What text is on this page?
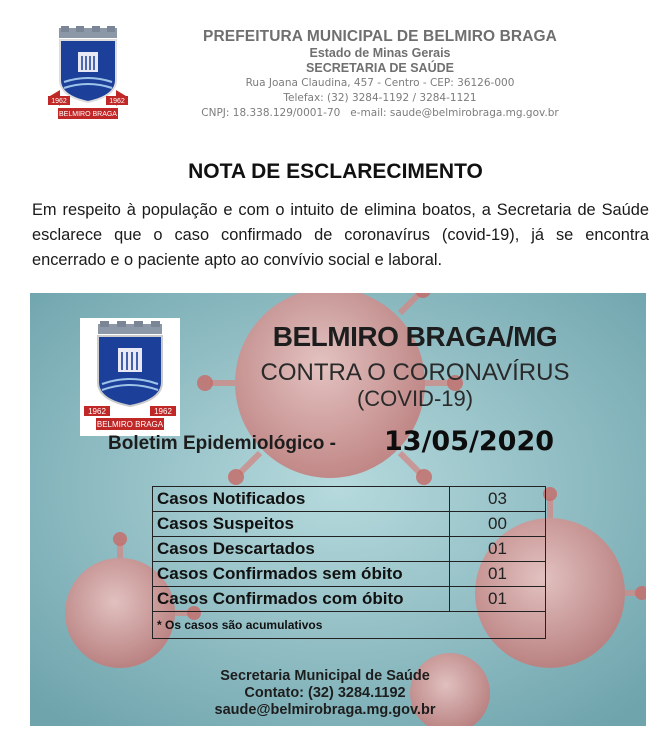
1962	1962
BELMIRO BRAGA
PREFEITURA MUNICIPAL DE BELMIRO BRAGA
Estado de Minas Gerais
SECRETARIA DE SAÚDE
Rua Joana Claudina, 457 - Centro - CEP: 36126-000
Telefax: (32) 3284-1192 / 3284-1121
CNPJ: 18.338.129/0001-70   e-mail: saude@belmirobraga.mg.gov.br
NOTA DE ESCLARECIMENTO
Em respeito à população e com o intuito de elimina boatos, a Secretaria de Saúde esclarece que o caso confirmado de coronavírus (covid-19), já se encontra encerrado e o paciente apto ao convívio social e laboral.
1962	1962
BELMIRO BRAGA
BELMIRO BRAGA/MG
CONTRA O CORONAVÍRUS
(COVID-19)
Boletim Epidemiológico - 13/05/2020
Casos Notificados	03
Casos Suspeitos	00
Casos Descartados	01
Casos Confirmados sem óbito	01
Casos Confirmados com óbito	01
* Os casos são acumulativos	
Secretaria Municipal de Saúde
Contato: (32) 3284.1192
saude@belmirobraga.mg.gov.br
